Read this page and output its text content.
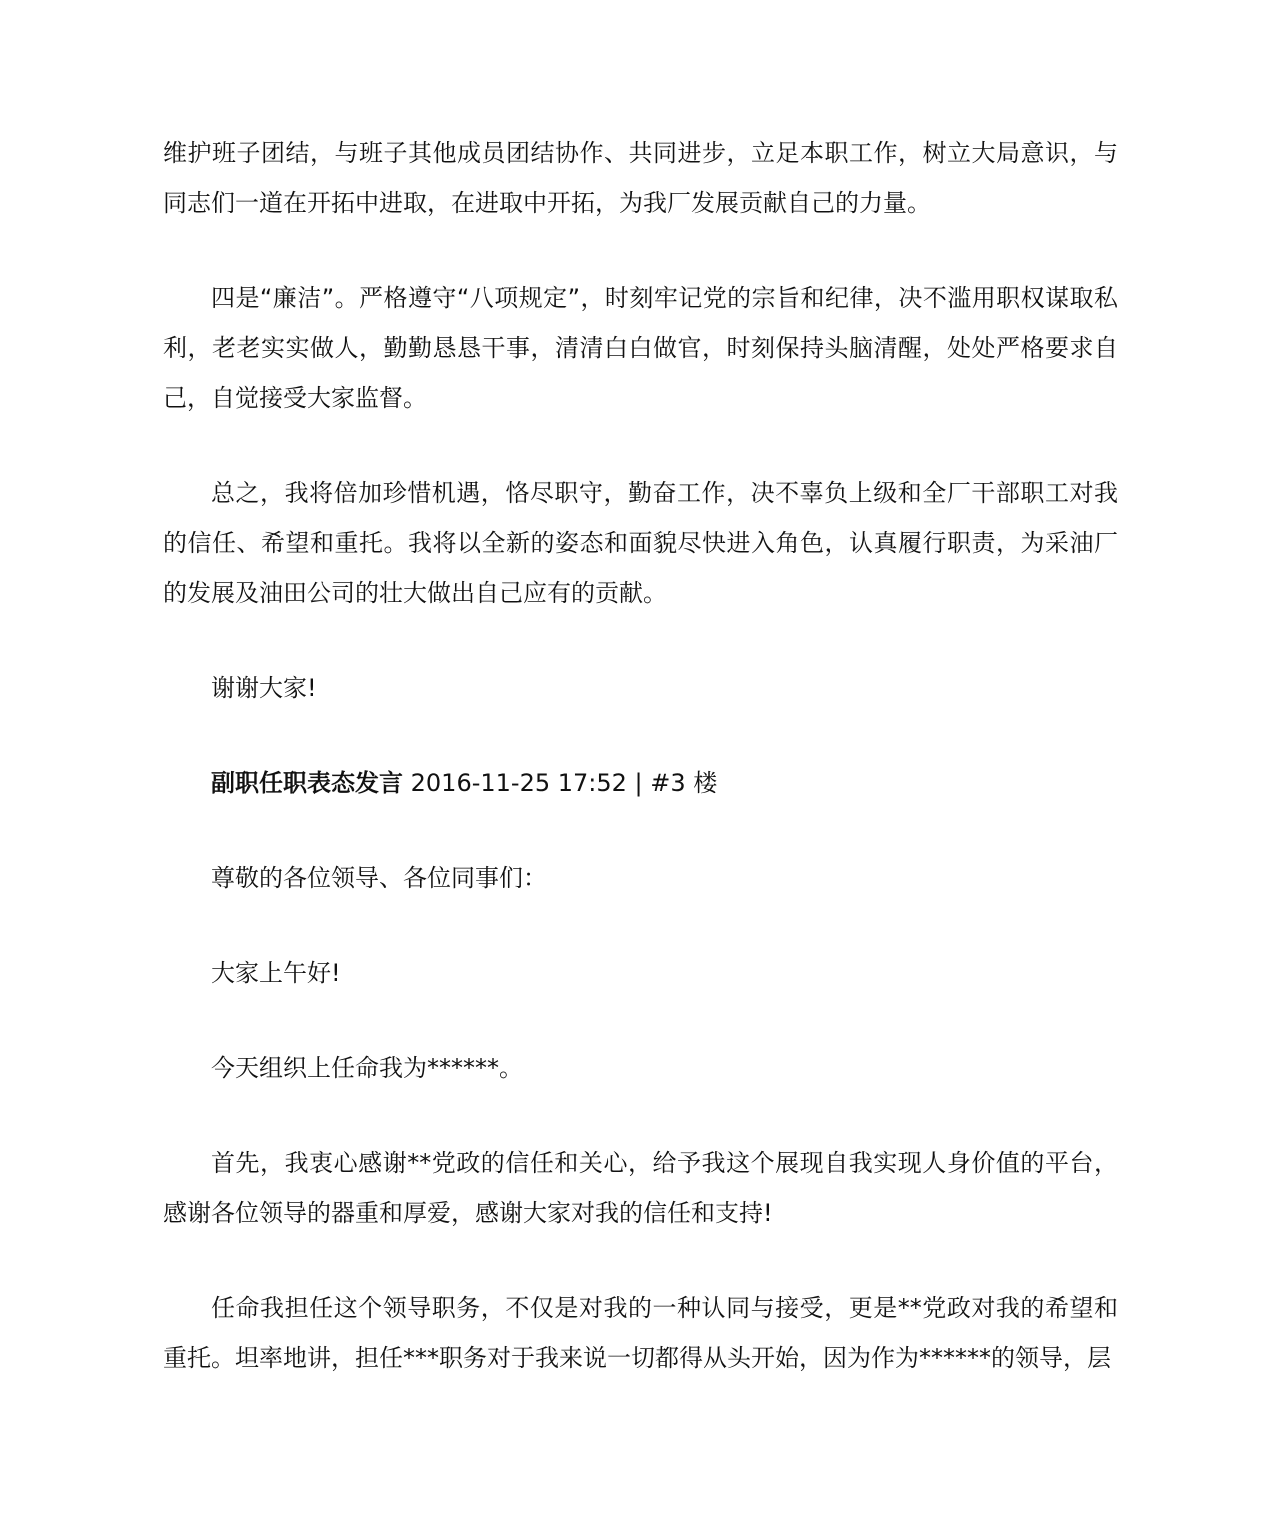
维护班子团结，与班子其他成员团结协作、共同进步，立足本职工作，树立大局意识，与同志们一道在开拓中进取，在进取中开拓，为我厂发展贡献自己的力量。

四是“廉洁”。严格遵守“八项规定”，时刻牢记党的宗旨和纪律，决不滥用职权谋取私利，老老实实做人，勤勤恳恳干事，清清白白做官，时刻保持头脑清醒，处处严格要求自己，自觉接受大家监督。

总之，我将倍加珍惜机遇，恪尽职守，勤奋工作，决不辜负上级和全厂干部职工对我的信任、希望和重托。我将以全新的姿态和面貌尽快进入角色，认真履行职责，为采油厂的发展及油田公司的壮大做出自己应有的贡献。

谢谢大家!

副职任职表态发言 2016-11-25 17:52 | #3 楼

尊敬的各位领导、各位同事们：

大家上午好!

今天组织上任命我为******。

首先，我衷心感谢**党政的信任和关心，给予我这个展现自我实现人身价值的平台，感谢各位领导的器重和厚爱，感谢大家对我的信任和支持!

任命我担任这个领导职务，不仅是对我的一种认同与接受，更是**党政对我的希望和重托。坦率地讲，担任***职务对于我来说一切都得从头开始，因为作为******的领导，层
